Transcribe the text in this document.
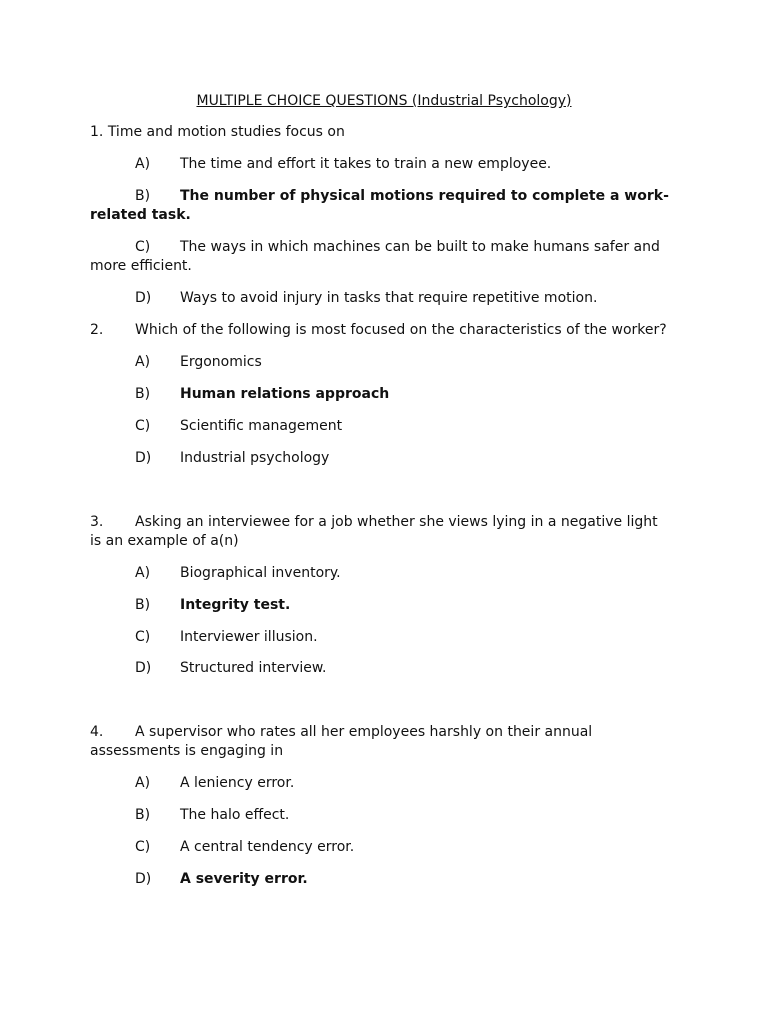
MULTIPLE CHOICE QUESTIONS (Industrial Psychology)
1. Time and motion studies focus on
A) The time and effort it takes to train a new employee.
B) The number of physical motions required to complete a work-related task.
C) The ways in which machines can be built to make humans safer and more efficient.
D) Ways to avoid injury in tasks that require repetitive motion.
2. Which of the following is most focused on the characteristics of the worker?
A) Ergonomics
B) Human relations approach
C) Scientific management
D) Industrial psychology
3. Asking an interviewee for a job whether she views lying in a negative light is an example of a(n)
A) Biographical inventory.
B) Integrity test.
C) Interviewer illusion.
D) Structured interview.
4. A supervisor who rates all her employees harshly on their annual assessments is engaging in
A) A leniency error.
B) The halo effect.
C) A central tendency error.
D) A severity error.
